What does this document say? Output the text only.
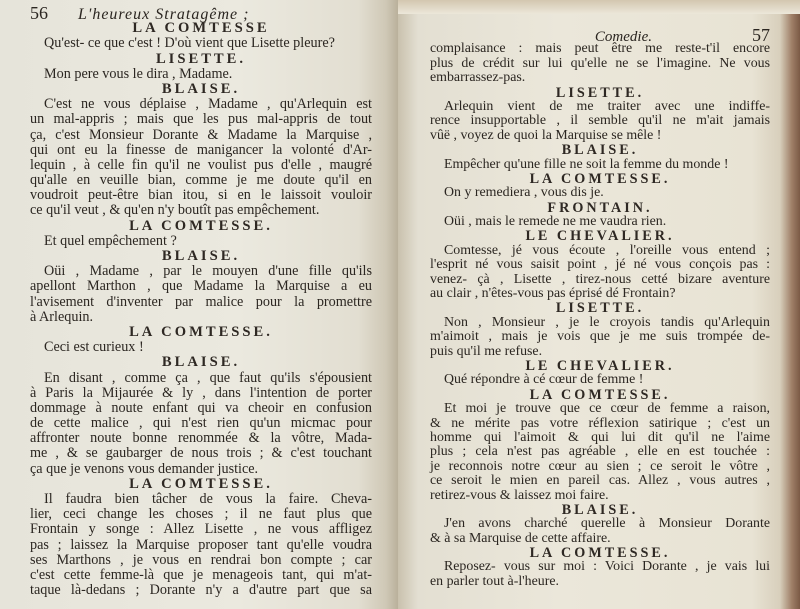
56 L'heureux Stratagême ;
LA COMTESSE
Qu'est- ce que c'est ! D'où vient que Lisette pleure?
LISETTE.
Mon pere vous le dira , Madame.
BLAISE.
C'est ne vous déplaise , Madame , qu'Arlequin est
un mal-appris ; mais que les pus mal-appris de tout
ça, c'est Monsieur Dorante & Madame la Marquise ,
qui ont eu la finesse de manigancer la volonté d'Ar-
lequin , à celle fin qu'il ne voulist pus d'elle , maugré
qu'alle en veuille bian, comme je me doute qu'il en
voudroit peut-être bian itou, si en le laissoit vouloir
ce qu'il veut , & qu'en n'y boutît pas empêchement.
LA COMTESSE.
Et quel empêchement ?
BLAISE.
Oüi , Madame , par le mouyen d'une fille qu'ils
apellont Marthon , que Madame la Marquise a eu
l'avisement d'inventer par malice pour la promettre
à Arlequin.
LA COMTESSE.
Ceci est curieux !
BLAISE.
En disant , comme ça , que faut qu'ils s'épousient
à Paris la Mijaurée & ly , dans l'intention de porter
dommage à noute enfant qui va cheoir en confusion
de cette malice , qui n'est rien qu'un micmac pour
affronter noute bonne renommée & la vôtre, Mada-
me , & se gaubarger de nous trois ; & c'est touchant
ça que je venons vous demander justice.
LA COMTESSE.
Il faudra bien tâcher de vous la faire. Cheva-
lier, ceci change les choses ; il ne faut plus que
Frontain y songe : Allez Lisette , ne vous affligez
pas ; laissez la Marquise proposer tant qu'elle voudra
ses Marthons , je vous en rendrai bon compte ; car
c'est cette femme-là que je menageois tant, qui m'at-
taque là-dedans ; Dorante n'y a d'autre part que sa
Comedie.	57
complaisance : mais peut être me reste-t'il encore
plus de crédit sur lui qu'elle ne se l'imagine. Ne vous
embarrassez-pas.
LISETTE.
Arlequin vient de me traiter avec une indiffe-
rence insupportable , il semble qu'il ne m'ait jamais
vûë , voyez de quoi la Marquise se mêle !
BLAISE.
Empêcher qu'une fille ne soit la femme du monde !
LA COMTESSE.
On y remediera , vous dis je.
FRONTAIN.
Oüi , mais le remede ne me vaudra rien.
LE CHEVALIER.
Comtesse, jé vous écoute , l'oreille vous entend ;
l'esprit né vous saisit point , jé né vous conçois pas :
venez- çà , Lisette , tirez-nous cetté bizare aventure
au clair , n'êtes-vous pas éprisé dé Frontain?
LISETTE.
Non , Monsieur , je le croyois tandis qu'Arlequin
m'aimoit , mais je vois que je me suis trompée de-
puis qu'il me refuse.
LE CHEVALIER.
Qué répondre à cé cœur de femme !
LA COMTESSE.
Et moi je trouve que ce cœur de femme a raison,
& ne mérite pas votre réflexion satirique ; c'est un
homme qui l'aimoit & qui lui dit qu'il ne l'aime
plus ; cela n'est pas agréable , elle en est touchée :
je reconnois notre cœur au sien ; ce seroit le vôtre ,
ce seroit le mien en pareil cas. Allez , vous autres ,
retirez-vous & laissez moi faire.
BLAISE.
J'en avons charché querelle à Monsieur Dorante
& à sa Marquise de cette affaire.
LA COMTESSE.
Reposez- vous sur moi : Voici Dorante , je vais lui
en parler tout à-l'heure.
